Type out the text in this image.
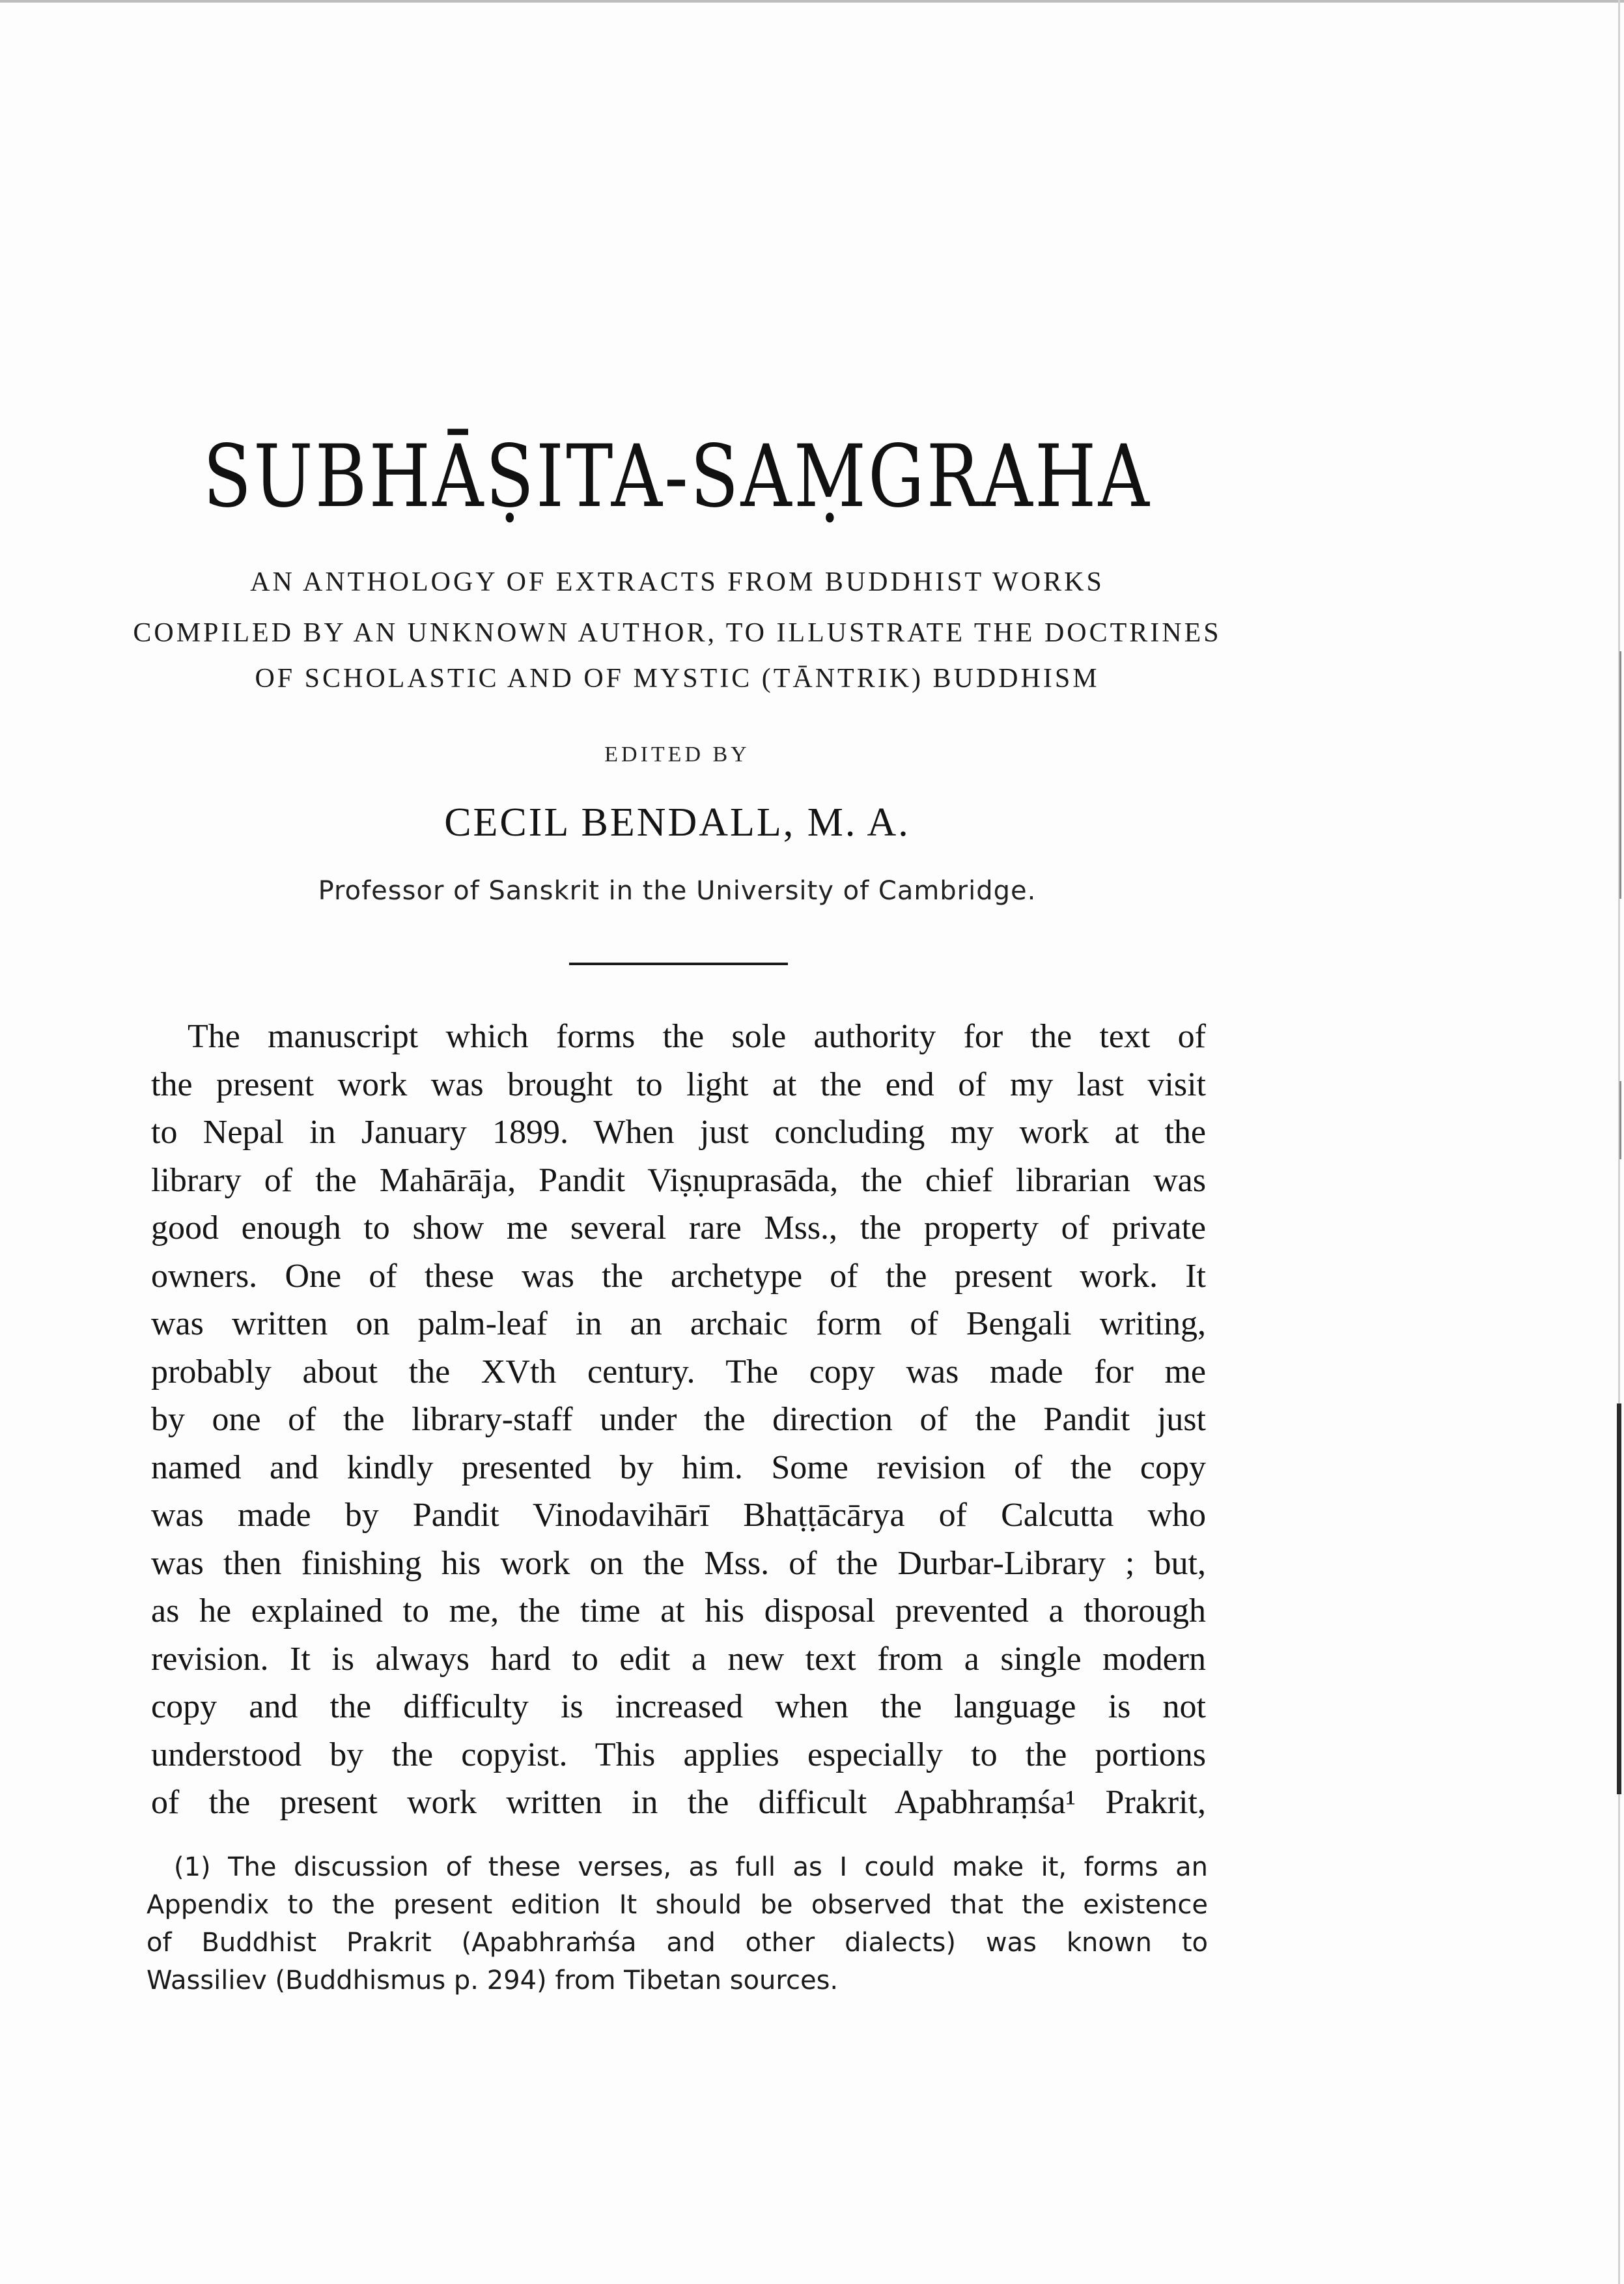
SUBHĀṢITA-SAṂGRAHA
AN ANTHOLOGY OF EXTRACTS FROM BUDDHIST WORKS
COMPILED BY AN UNKNOWN AUTHOR, TO ILLUSTRATE THE DOCTRINES
OF SCHOLASTIC AND OF MYSTIC (TĀNTRIK) BUDDHISM
EDITED BY
CECIL BENDALL, M. A.
Professor of Sanskrit in the University of Cambridge.
The manuscript which forms the sole authority for the text of
the present work was brought to light at the end of my last visit
to Nepal in January 1899. When just concluding my work at the
library of the Mahārāja, Pandit Viṣṇuprasāda, the chief librarian was
good enough to show me several rare Mss., the property of private
owners. One of these was the archetype of the present work. It
was written on palm-leaf in an archaic form of Bengali writing,
probably about the XVth century. The copy was made for me
by one of the library-staff under the direction of the Pandit just
named and kindly presented by him. Some revision of the copy
was made by Pandit Vinodavihārī Bhaṭṭācārya of Calcutta who
was then finishing his work on the Mss. of the Durbar-Library ; but,
as he explained to me, the time at his disposal prevented a thorough
revision. It is always hard to edit a new text from a single modern
copy and the difficulty is increased when the language is not
understood by the copyist. This applies especially to the portions
of the present work written in the difficult Apabhraṃśa¹ Prakrit,
(1) The discussion of these verses, as full as I could make it, forms an
Appendix to the present edition It should be observed that the existence
of Buddhist Prakrit (Apabhraṁśa and other dialects) was known to
Wassiliev (Buddhismus p. 294) from Tibetan sources.
